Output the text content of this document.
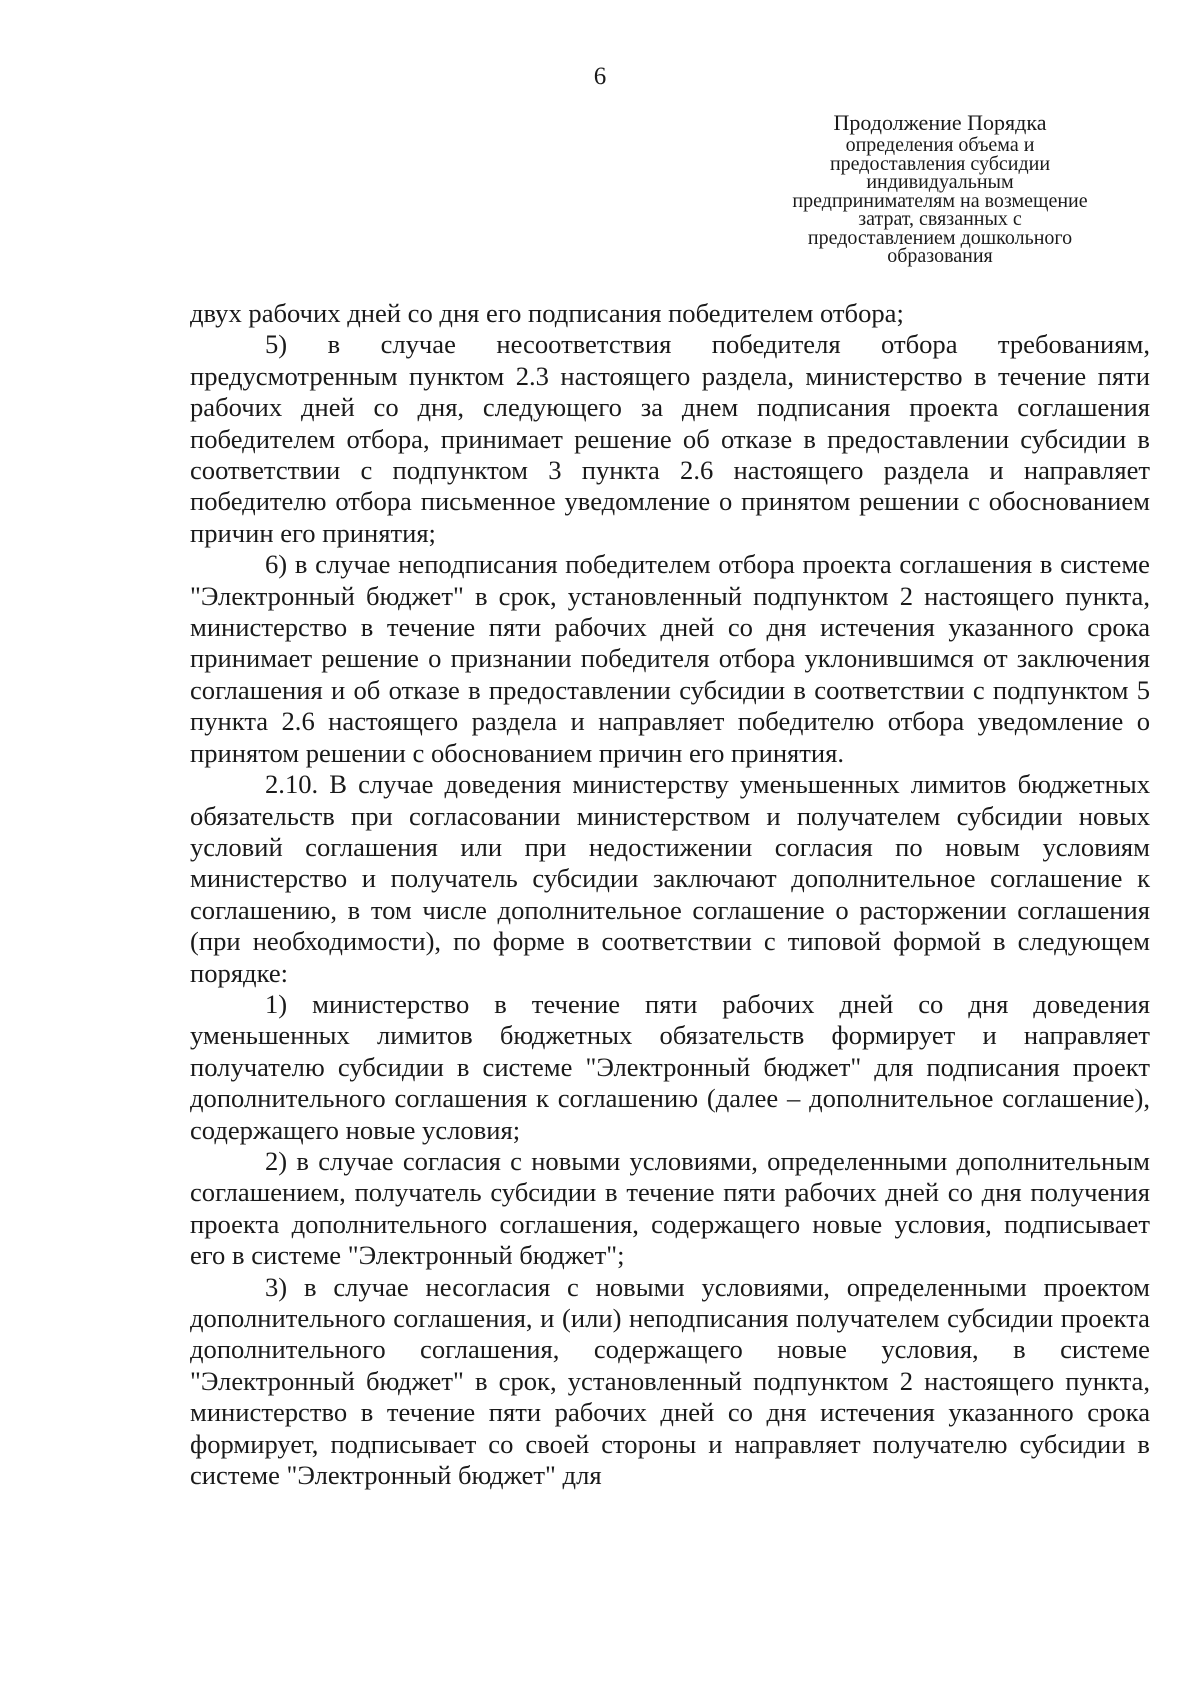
6
Продолжение Порядка
определения объема и
предоставления субсидии
индивидуальным
предпринимателям на возмещение
затрат, связанных с
предоставлением дошкольного
образования

двух рабочих дней со дня его подписания победителем отбора;

5) в случае несоответствия победителя отбора требованиям, предусмотренным пунктом 2.3 настоящего раздела, министерство в течение пяти рабочих дней со дня, следующего за днем подписания проекта соглашения победителем отбора, принимает решение об отказе в предоставлении субсидии в соответствии с подпунктом 3 пункта 2.6 настоящего раздела и направляет победителю отбора письменное уведомление о принятом решении с обоснованием причин его принятия;

6) в случае неподписания победителем отбора проекта соглашения в системе "Электронный бюджет" в срок, установленный подпунктом 2 настоящего пункта, министерство в течение пяти рабочих дней со дня истечения указанного срока принимает решение о признании победителя отбора уклонившимся от заключения соглашения и об отказе в предоставлении субсидии в соответствии с подпунктом 5 пункта 2.6 настоящего раздела и направляет победителю отбора уведомление о принятом решении с обоснованием причин его принятия.

2.10. В случае доведения министерству уменьшенных лимитов бюджетных обязательств при согласовании министерством и получателем субсидии новых условий соглашения или при недостижении согласия по новым условиям министерство и получатель субсидии заключают дополнительное соглашение к соглашению, в том числе дополнительное соглашение о расторжении соглашения (при необходимости), по форме в соответствии с типовой формой в следующем порядке:

1) министерство в течение пяти рабочих дней со дня доведения уменьшенных лимитов бюджетных обязательств формирует и направляет получателю субсидии в системе "Электронный бюджет" для подписания проект дополнительного соглашения к соглашению (далее – дополнительное соглашение), содержащего новые условия;

2) в случае согласия с новыми условиями, определенными дополнительным соглашением, получатель субсидии в течение пяти рабочих дней со дня получения проекта дополнительного соглашения, содержащего новые условия, подписывает его в системе "Электронный бюджет";

3) в случае несогласия с новыми условиями, определенными проектом дополнительного соглашения, и (или) неподписания получателем субсидии проекта дополнительного соглашения, содержащего новые условия, в системе "Электронный бюджет" в срок, установленный подпунктом 2 настоящего пункта, министерство в течение пяти рабочих дней со дня истечения указанного срока формирует, подписывает со своей стороны и направляет получателю субсидии в системе "Электронный бюджет" для
